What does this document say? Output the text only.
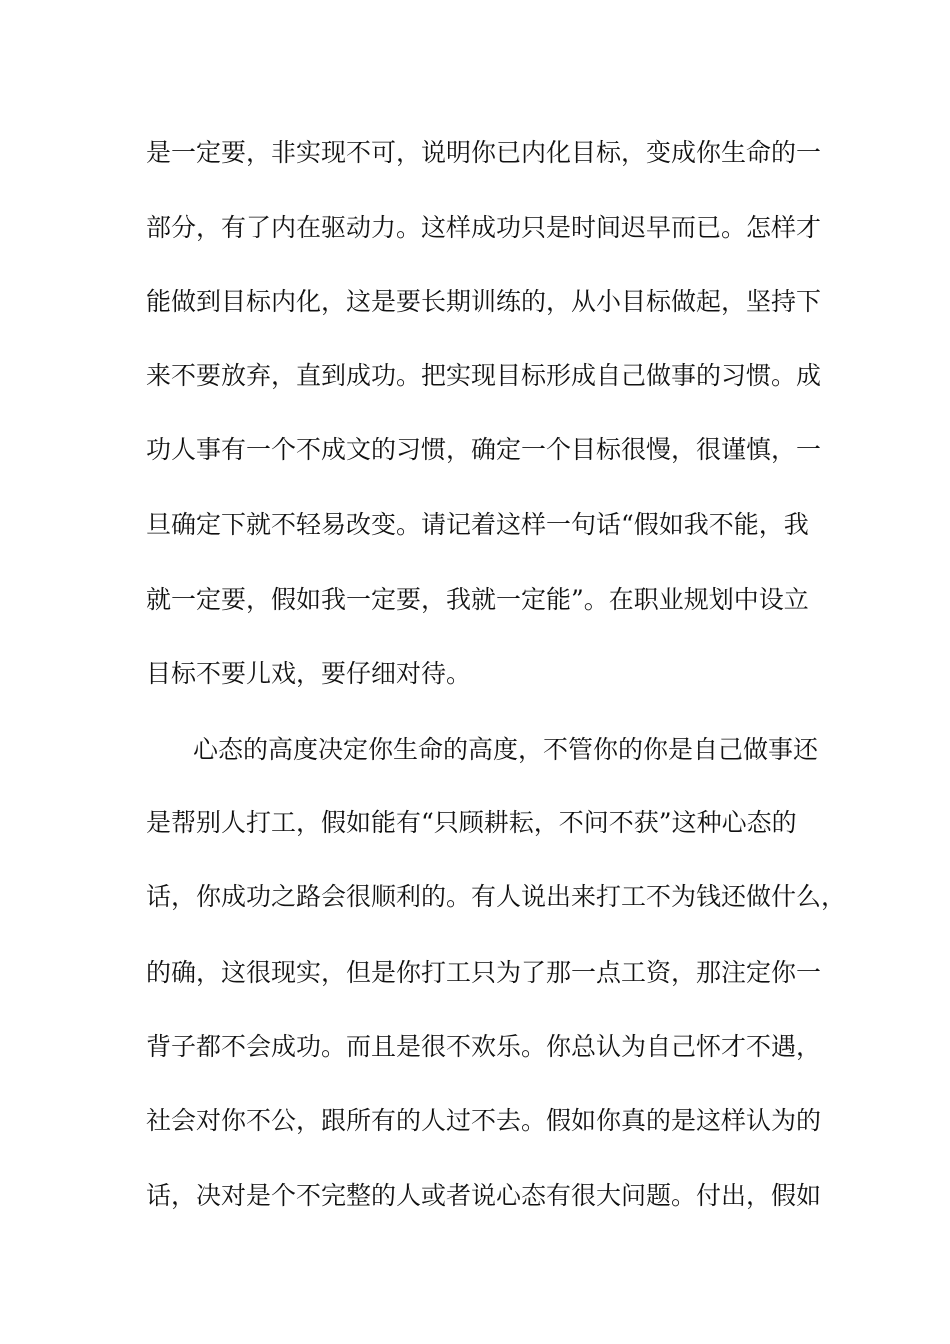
是一定要，非实现不可，说明你已内化目标，变成你生命的一
部分，有了内在驱动力。这样成功只是时间迟早而已。怎样才
能做到目标内化，这是要长期训练的，从小目标做起，坚持下
来不要放弃，直到成功。把实现目标形成自己做事的习惯。成
功人事有一个不成文的习惯，确定一个目标很慢，很谨慎，一
旦确定下就不轻易改变。请记着这样一句话“假如我不能，我
就一定要，假如我一定要，我就一定能”。在职业规划中设立
目标不要儿戏，要仔细对待。
心态的高度决定你生命的高度，不管你的你是自己做事还
是帮别人打工，假如能有“只顾耕耘，不问不获”这种心态的
话，你成功之路会很顺利的。有人说出来打工不为钱还做什么，
的确，这很现实，但是你打工只为了那一点工资，那注定你一
背子都不会成功。而且是很不欢乐。你总认为自己怀才不遇，
社会对你不公，跟所有的人过不去。假如你真的是这样认为的
话，决对是个不完整的人或者说心态有很大问题。付出，假如
